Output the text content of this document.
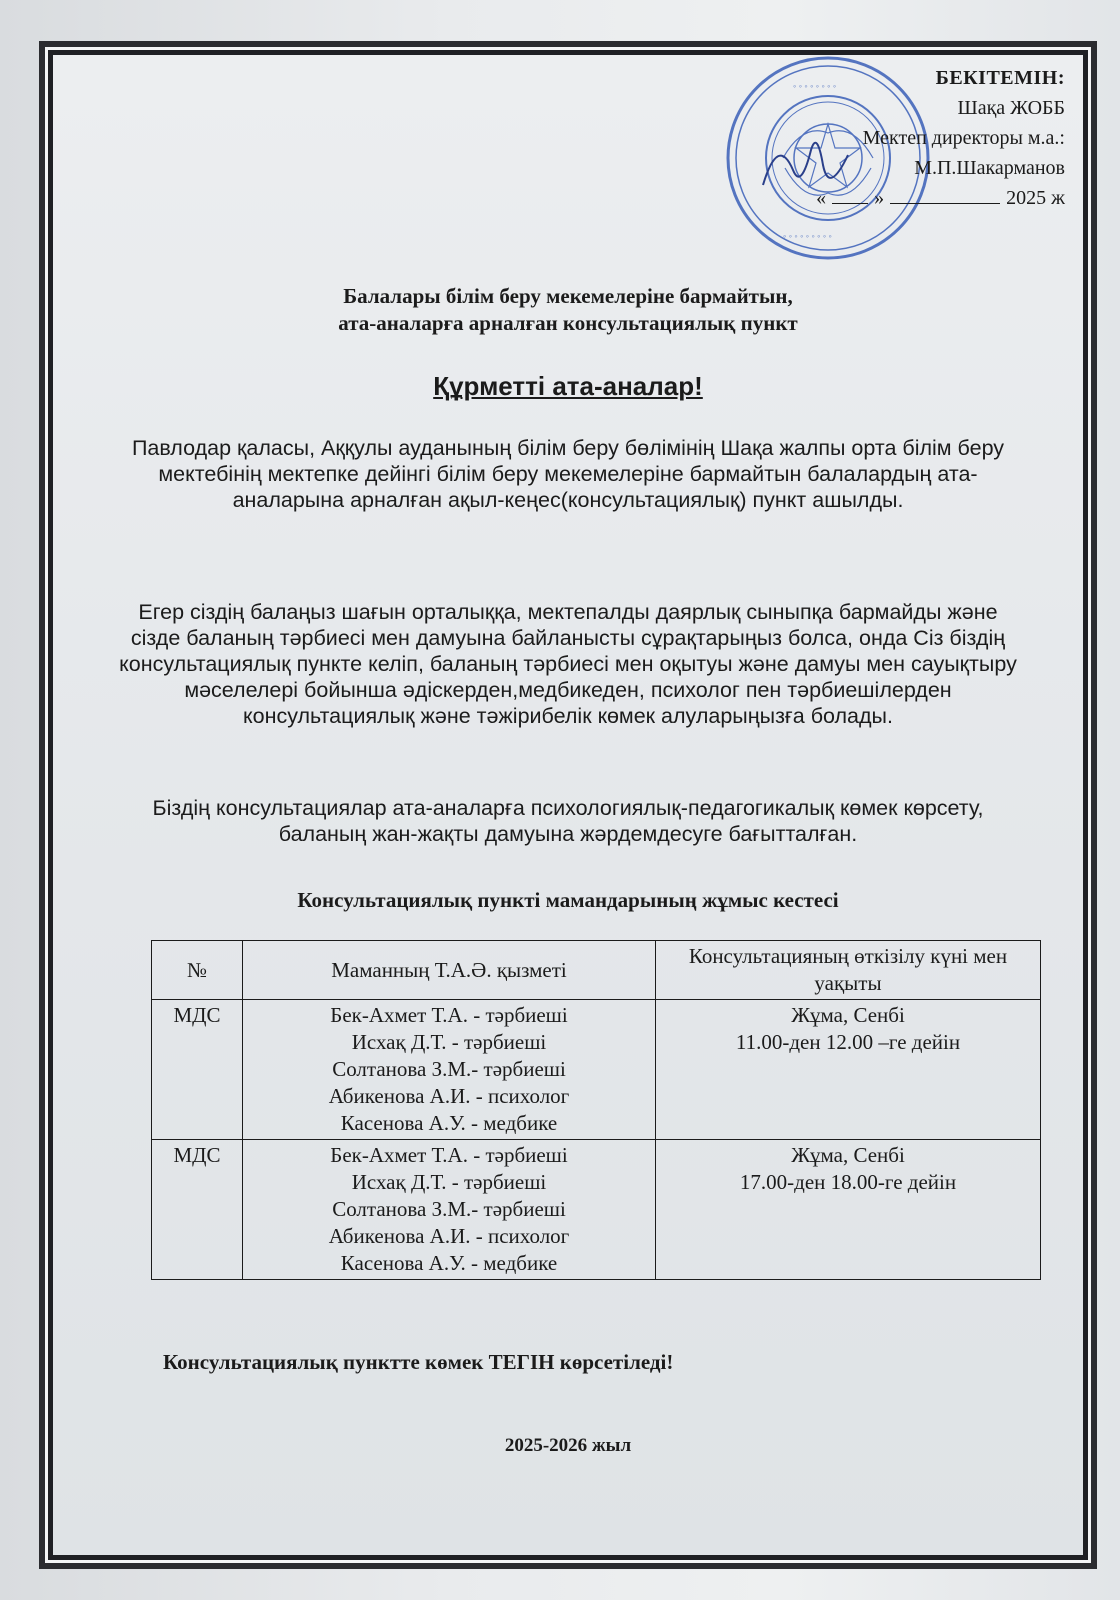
◦ ◦ ◦ ◦ ◦ ◦ ◦ ◦
◦ ◦ ◦ ◦ ◦ ◦ ◦ ◦ ◦
БЕКІТЕМІН:
Шақа ЖОББ
Мектеп директоры м.а.:
М.П.Шакарманов
« »	2025 ж
Балалары білім беру мекемелеріне бармайтын,
ата-аналарға арналған консультациялық пункт
Құрметті ата-аналар!
Павлодар қаласы, Аққулы ауданының білім беру бөлімінің Шақа жалпы орта білім беру мектебінің мектепке дейінгі білім беру мекемелеріне бармайтын балалардың ата-аналарына арналған ақыл-кеңес(консультациялық) пункт ашылды.
Егер сіздің балаңыз шағын орталыққа, мектепалды даярлық сыныпқа бармайды және сізде баланың тәрбиесі мен дамуына байланысты сұрақтарыңыз болса, онда Сіз біздің консультациялық пункте келіп, баланың тәрбиесі мен оқытуы және дамуы мен сауықтыру мәселелері бойынша әдіскерден,медбикеден, психолог пен тәрбиешілерден консультациялық және тәжірибелік көмек алуларыңызға болады.
Біздің консультациялар ата-аналарға психологиялық-педагогикалық көмек көрсету, баланың жан-жақты дамуына жәрдемдесуге бағытталған.
Консультациялық пункті мамандарының жұмыс кестесі
№	Маманның Т.А.Ә. қызметі	Консультацияның өткізілу күні мен уақыты
МДС	Бек-Ахмет Т.А. - тәрбиеші
Исхақ Д.Т. - тәрбиеші
Солтанова З.М.- тәрбиеші
Абикенова А.И. - психолог
Касенова А.У. - медбике	Жұма, Сенбі
11.00-ден 12.00 –ге дейін

МДС	Бек-Ахмет Т.А. - тәрбиеші
Исхақ Д.Т. - тәрбиеші
Солтанова З.М.- тәрбиеші
Абикенова А.И. - психолог
Касенова А.У. - медбике	Жұма, Сенбі
17.00-ден 18.00-ге дейін
Консультациялық пунктте көмек ТЕГІН көрсетіледі!
2025-2026 жыл
